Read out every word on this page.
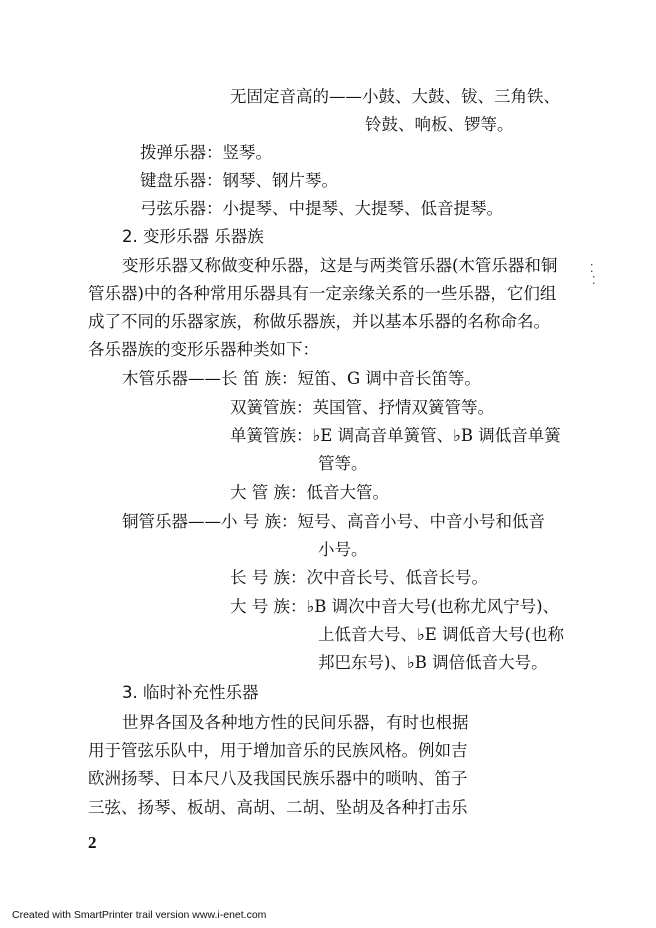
无固定音高的——小鼓、大鼓、钹、三角铁、
铃鼓、响板、锣等。
拨弹乐器：竖琴。
键盘乐器：钢琴、钢片琴。
弓弦乐器：小提琴、中提琴、大提琴、低音提琴。
2. 变形乐器 乐器族
变形乐器又称做变种乐器，这是与两类管乐器(木管乐器和铜
管乐器)中的各种常用乐器具有一定亲缘关系的一些乐器，它们组
成了不同的乐器家族，称做乐器族，并以基本乐器的名称命名。
各乐器族的变形乐器种类如下：
木管乐器——长 笛 族：短笛、G 调中音长笛等。
双簧管族：英国管、抒情双簧管等。
单簧管族：♭E 调高音单簧管、♭B 调低音单簧
管等。
大 管 族：低音大管。
铜管乐器——小 号 族：短号、高音小号、中音小号和低音
小号。
长 号 族：次中音长号、低音长号。
大 号 族：♭B 调次中音大号(也称尤风宁号)、
上低音大号、♭E 调低音大号(也称
邦巴东号)、♭B 调倍低音大号。
3. 临时补充性乐器
世界各国及各种地方性的民间乐器，有时也根据
用于管弦乐队中，用于增加音乐的民族风格。例如吉
欧洲扬琴、日本尺八及我国民族乐器中的唢呐、笛子
三弦、扬琴、板胡、高胡、二胡、坠胡及各种打击乐
2
⁚
⁚
Created with SmartPrinter trail version www.i-enet.com
